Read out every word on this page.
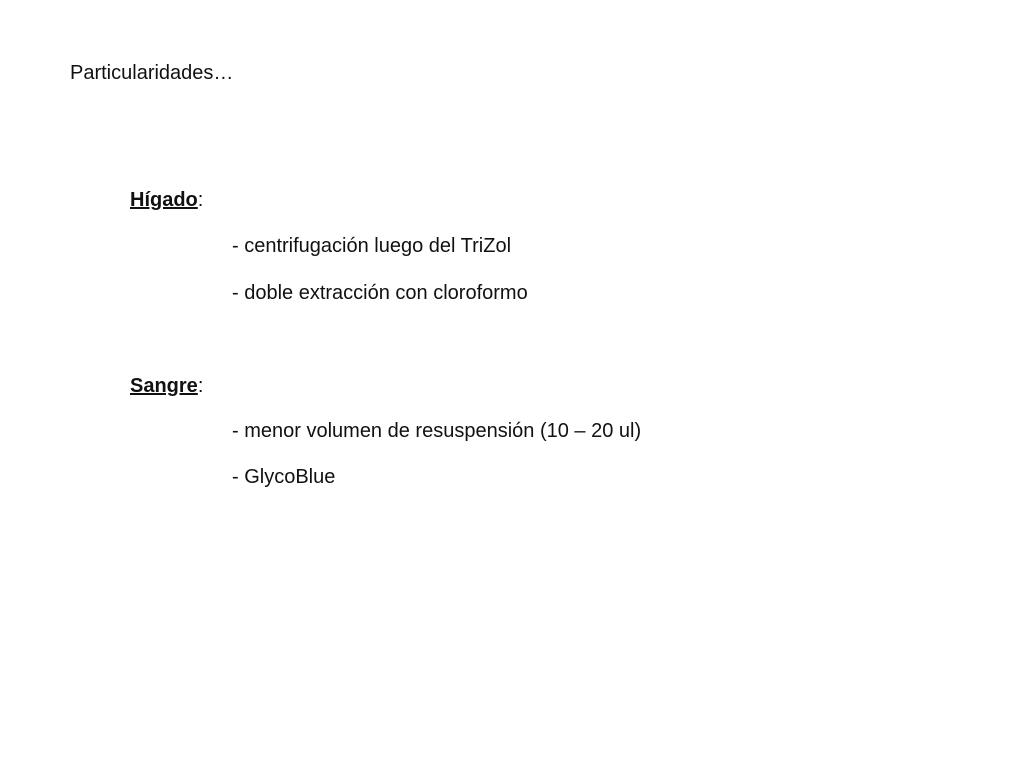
Particularidades…
Hígado:
- centrifugación luego del TriZol
- doble extracción con cloroformo
Sangre:
- menor volumen de resuspensión (10 – 20 ul)
- GlycoBlue
